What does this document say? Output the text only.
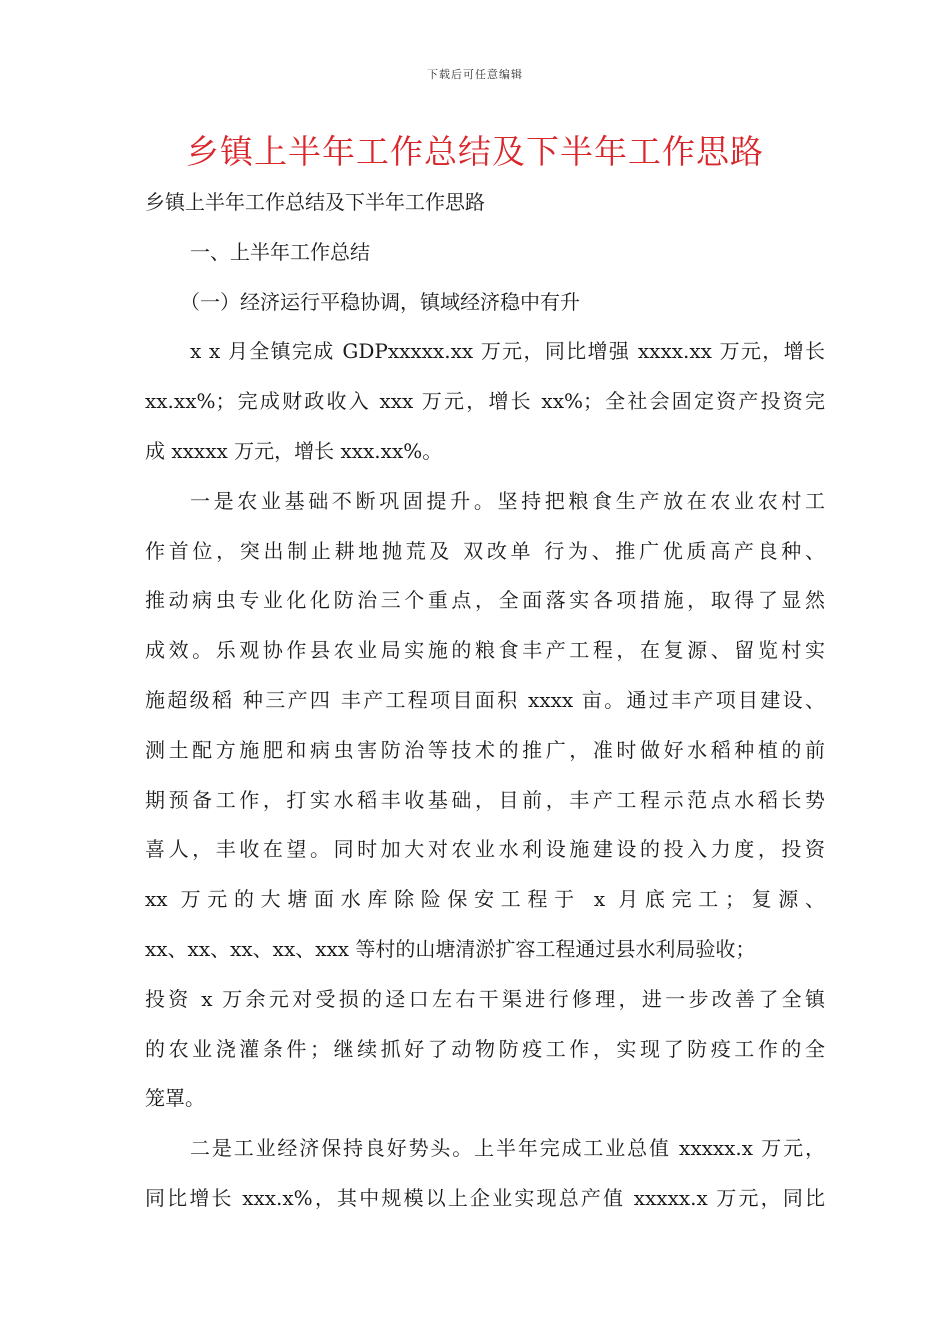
下载后可任意编辑
乡镇上半年工作总结及下半年工作思路

乡镇上半年工作总结及下半年工作思路

一、上半年工作总结

（一）经济运行平稳协调，镇域经济稳中有升

x x 月全镇完成 GDPxxxxx.xx 万元，同比增强 xxxx.xx 万元，增长

xx.xx%；完成财政收入 xxx 万元，增长 xx%；全社会固定资产投资完

成 xxxxx 万元，增长 xxx.xx%。

一是农业基础不断巩固提升。坚持把粮食生产放在农业农村工

作首位，突出制止耕地抛荒及 双改单 行为、推广优质高产良种、

推动病虫专业化化防治三个重点，全面落实各项措施，取得了显然

成效。乐观协作县农业局实施的粮食丰产工程，在复源、留览村实

施超级稻 种三产四 丰产工程项目面积 xxxx 亩。通过丰产项目建设、

测土配方施肥和病虫害防治等技术的推广，准时做好水稻种植的前

期预备工作，打实水稻丰收基础，目前，丰产工程示范点水稻长势

喜人，丰收在望。同时加大对农业水利设施建设的投入力度，投资

xx 万元的大塘面水库除险保安工程于 x 月底完工；复源、

xx、xx、xx、xx、xxx 等村的山塘清淤扩容工程通过县水利局验收；

投资 x 万余元对受损的迳口左右干渠进行修理，进一步改善了全镇

的农业浇灌条件；继续抓好了动物防疫工作，实现了防疫工作的全

笼罩。

二是工业经济保持良好势头。上半年完成工业总值 xxxxx.x 万元，

同比增长 xxx.x%，其中规模以上企业实现总产值 xxxxx.x 万元，同比
